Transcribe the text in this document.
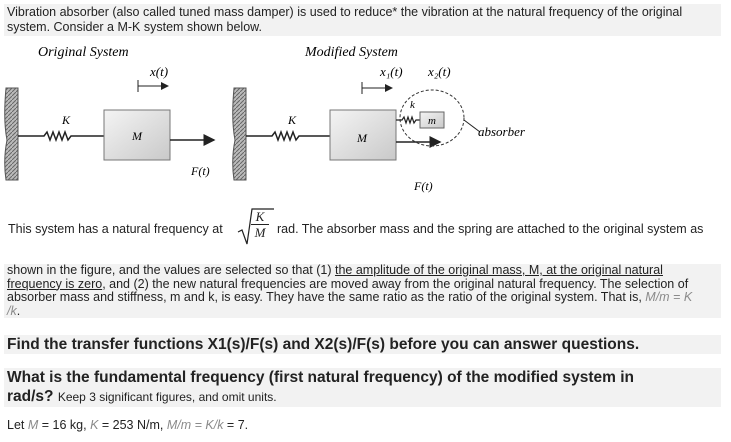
Vibration absorber (also called tuned mass damper) is used to reduce* the vibration at the natural frequency of the original
system. Consider a M-K system shown below.
Original System
x(t)
K
M
F(t)
Modified System
x₁(t) x₂(t)
K
M
F(t)
k
m
absorber
This system has a natural frequency at $\frac{K}{M}$ rad. The absorber mass and the spring are attached to the original system as
shown in the figure, and the values are selected so that (1) the amplitude of the original mass, M, at the original natural
frequency is zero, and (2) the new natural frequencies are moved away from the original natural frequency. The selection of
absorber mass and stiffness, m and k, is easy. They have the same ratio as the ratio of the original system. That is, M/m = K
/k.
Find the transfer functions X1(s)/F(s) and X2(s)/F(s) before you can answer questions.
What is the fundamental frequency (first natural frequency) of the modified system in
rad/s? Keep 3 significant figures, and omit units.
Let M = 16 kg, K = 253 N/m, M/m = K/k = 7.
